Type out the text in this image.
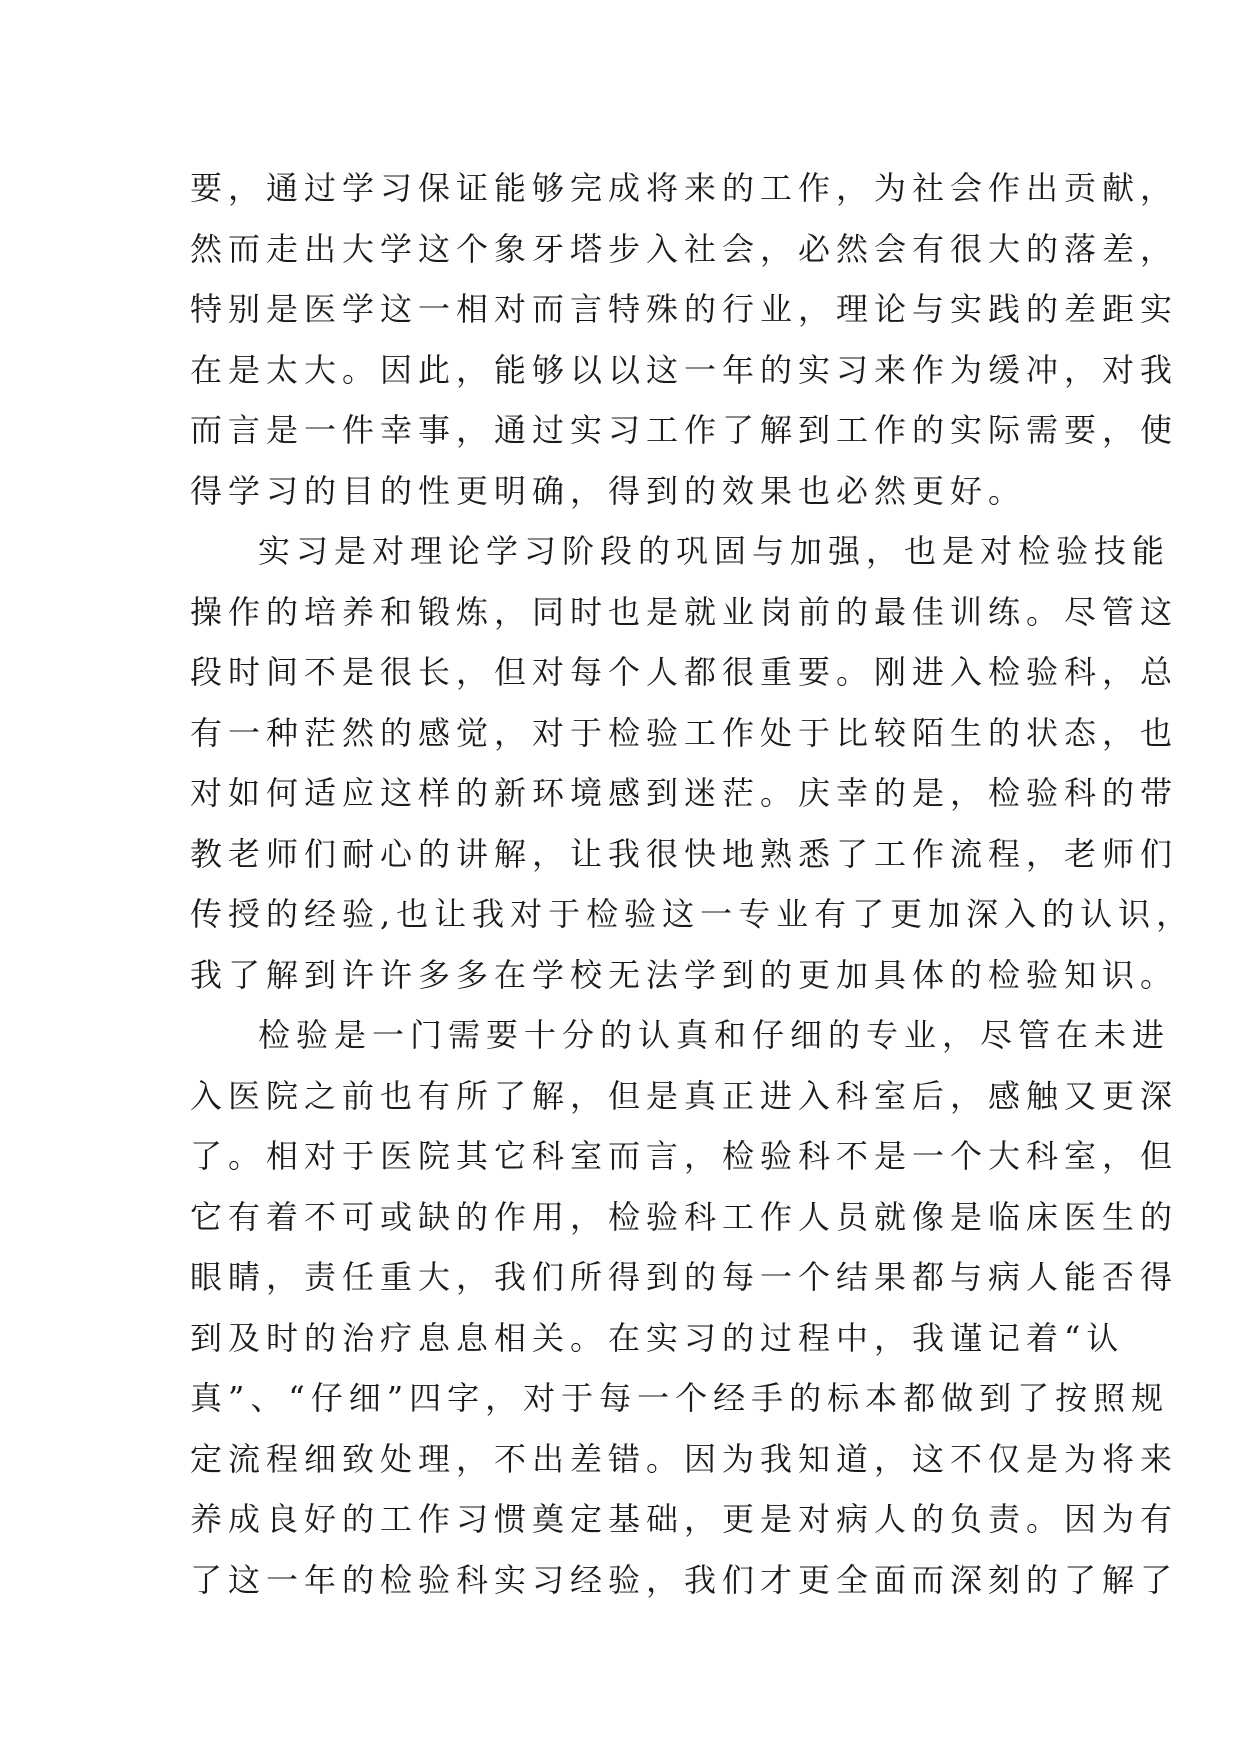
要，通过学习保证能够完成将来的工作，为社会作出贡献，
然而走出大学这个象牙塔步入社会，必然会有很大的落差，
特别是医学这一相对而言特殊的行业，理论与实践的差距实
在是太大。因此，能够以以这一年的实习来作为缓冲，对我
而言是一件幸事，通过实习工作了解到工作的实际需要，使
得学习的目的性更明确，得到的效果也必然更好。
实习是对理论学习阶段的巩固与加强，也是对检验技能
操作的培养和锻炼，同时也是就业岗前的最佳训练。尽管这
段时间不是很长，但对每个人都很重要。刚进入检验科，总
有一种茫然的感觉，对于检验工作处于比较陌生的状态，也
对如何适应这样的新环境感到迷茫。庆幸的是，检验科的带
教老师们耐心的讲解，让我很快地熟悉了工作流程，老师们
传授的经验,也让我对于检验这一专业有了更加深入的认识，
我了解到许许多多在学校无法学到的更加具体的检验知识。
检验是一门需要十分的认真和仔细的专业，尽管在未进
入医院之前也有所了解，但是真正进入科室后，感触又更深
了。相对于医院其它科室而言，检验科不是一个大科室，但
它有着不可或缺的作用，检验科工作人员就像是临床医生的
眼睛，责任重大，我们所得到的每一个结果都与病人能否得
到及时的治疗息息相关。在实习的过程中，我谨记着“认
真”、“仔细”四字，对于每一个经手的标本都做到了按照规
定流程细致处理，不出差错。因为我知道，这不仅是为将来
养成良好的工作习惯奠定基础，更是对病人的负责。因为有
了这一年的检验科实习经验，我们才更全面而深刻的了解了
